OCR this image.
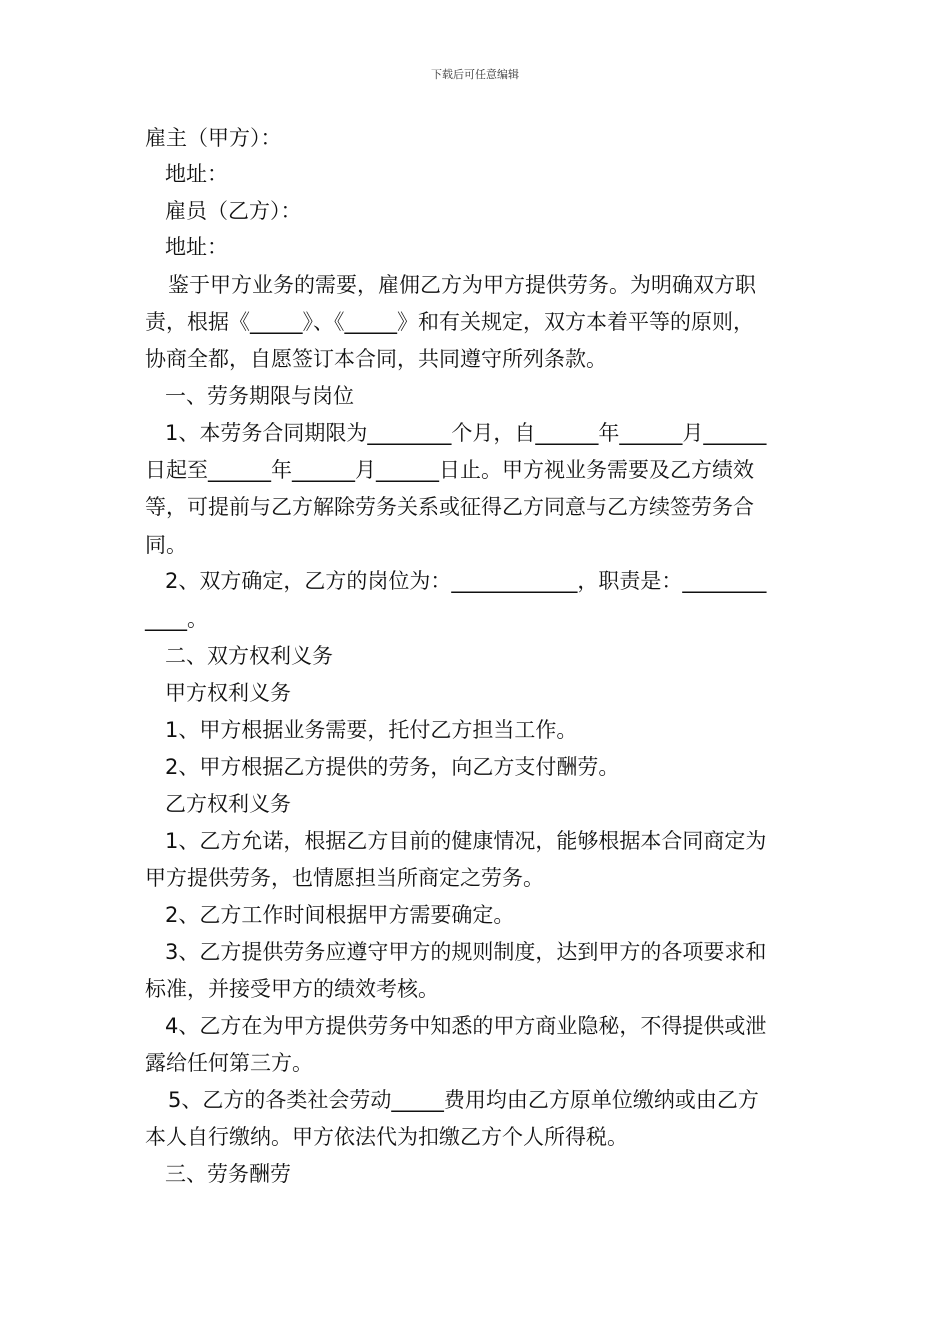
下载后可任意编辑
雇主（甲方）：
地址：
雇员（乙方）：
地址：
鉴于甲方业务的需要，雇佣乙方为甲方提供劳务。为明确双方职
责，根据《_____》、《_____》和有关规定，双方本着平等的原则，
协商全都，自愿签订本合同，共同遵守所列条款。
一、劳务期限与岗位
1、本劳务合同期限为________个月，自______年______月______
日起至______年______月______日止。甲方视业务需要及乙方绩效
等，可提前与乙方解除劳务关系或征得乙方同意与乙方续签劳务合
同。
2、双方确定，乙方的岗位为：____________，职责是：________
____。
二、双方权利义务
甲方权利义务
1、甲方根据业务需要，托付乙方担当工作。
2、甲方根据乙方提供的劳务，向乙方支付酬劳。
乙方权利义务
1、乙方允诺，根据乙方目前的健康情况，能够根据本合同商定为
甲方提供劳务，也情愿担当所商定之劳务。
2、乙方工作时间根据甲方需要确定。
3、乙方提供劳务应遵守甲方的规则制度，达到甲方的各项要求和
标准，并接受甲方的绩效考核。
4、乙方在为甲方提供劳务中知悉的甲方商业隐秘，不得提供或泄
露给任何第三方。
5、乙方的各类社会劳动_____费用均由乙方原单位缴纳或由乙方
本人自行缴纳。甲方依法代为扣缴乙方个人所得税。
三、劳务酬劳
